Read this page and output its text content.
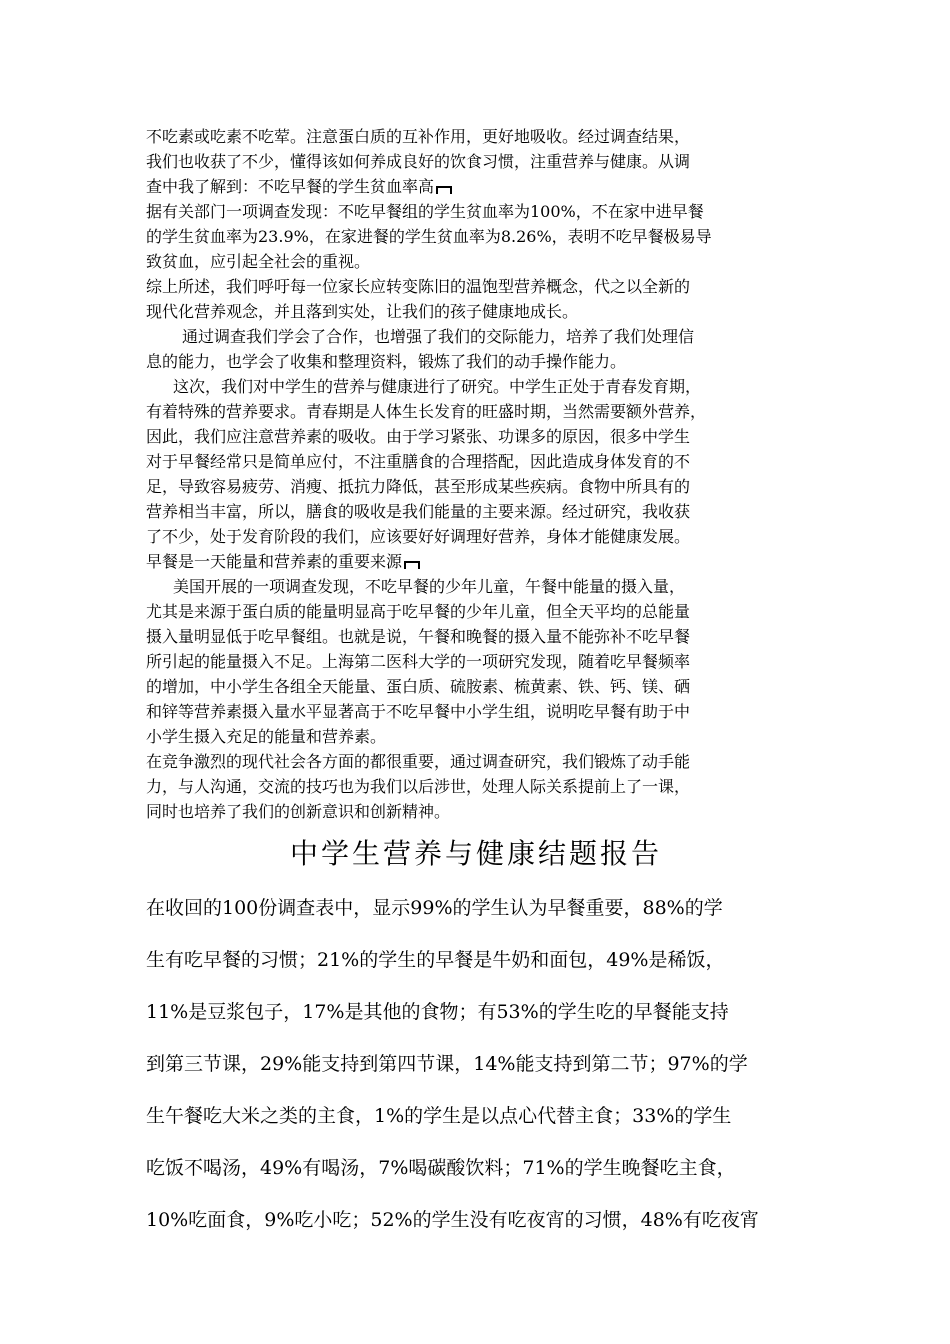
不吃素或吃素不吃荤。注意蛋白质的互补作用，更好地吸收。经过调查结果，
我们也收获了不少，懂得该如何养成良好的饮食习惯，注重营养与健康。从调
查中我了解到：不吃早餐的学生贫血率高
据有关部门一项调查发现：不吃早餐组的学生贫血率为100%，不在家中进早餐
的学生贫血率为23.9%，在家进餐的学生贫血率为8.26%，表明不吃早餐极易导
致贫血，应引起全社会的重视。
综上所述，我们呼吁每一位家长应转变陈旧的温饱型营养概念，代之以全新的
现代化营养观念，并且落到实处，让我们的孩子健康地成长。
通过调查我们学会了合作，也增强了我们的交际能力，培养了我们处理信
息的能力，也学会了收集和整理资料，锻炼了我们的动手操作能力。
这次，我们对中学生的营养与健康进行了研究。中学生正处于青春发育期，
有着特殊的营养要求。青春期是人体生长发育的旺盛时期，当然需要额外营养，
因此，我们应注意营养素的吸收。由于学习紧张、功课多的原因，很多中学生
对于早餐经常只是简单应付，不注重膳食的合理搭配，因此造成身体发育的不
足，导致容易疲劳、消瘦、抵抗力降低，甚至形成某些疾病。食物中所具有的
营养相当丰富，所以，膳食的吸收是我们能量的主要来源。经过研究，我收获
了不少，处于发育阶段的我们，应该要好好调理好营养，身体才能健康发展。
早餐是一天能量和营养素的重要来源
美国开展的一项调查发现，不吃早餐的少年儿童，午餐中能量的摄入量，
尤其是来源于蛋白质的能量明显高于吃早餐的少年儿童，但全天平均的总能量
摄入量明显低于吃早餐组。也就是说，午餐和晚餐的摄入量不能弥补不吃早餐
所引起的能量摄入不足。上海第二医科大学的一项研究发现，随着吃早餐频率
的增加，中小学生各组全天能量、蛋白质、硫胺素、梳黄素、铁、钙、镁、硒
和锌等营养素摄入量水平显著高于不吃早餐中小学生组，说明吃早餐有助于中
小学生摄入充足的能量和营养素。
在竞争激烈的现代社会各方面的都很重要，通过调查研究，我们锻炼了动手能
力，与人沟通，交流的技巧也为我们以后涉世，处理人际关系提前上了一课，
同时也培养了我们的创新意识和创新精神。
中学生营养与健康结题报告
在收回的100份调查表中，显示99%的学生认为早餐重要，88%的学
生有吃早餐的习惯；21%的学生的早餐是牛奶和面包，49%是稀饭，
11%是豆浆包子，17%是其他的食物；有53%的学生吃的早餐能支持
到第三节课，29%能支持到第四节课，14%能支持到第二节；97%的学
生午餐吃大米之类的主食，1%的学生是以点心代替主食；33%的学生
吃饭不喝汤，49%有喝汤，7%喝碳酸饮料；71%的学生晚餐吃主食，
10%吃面食，9%吃小吃；52%的学生没有吃夜宵的习惯，48%有吃夜宵
